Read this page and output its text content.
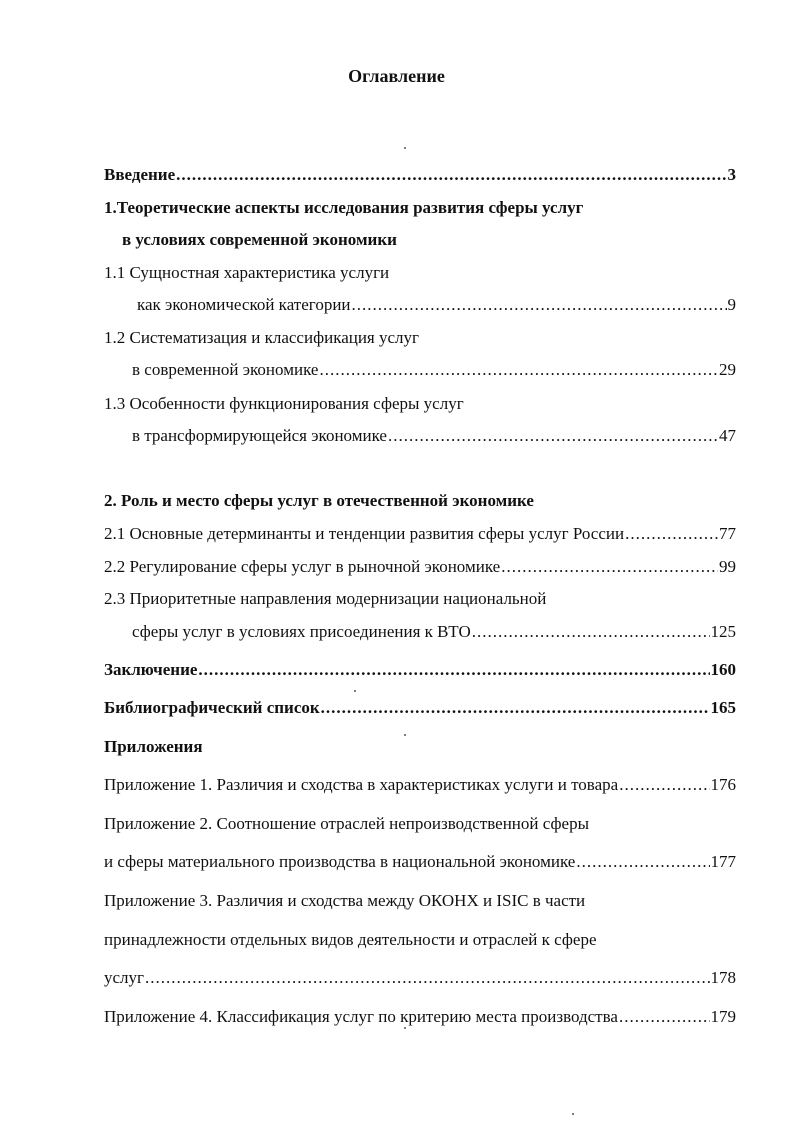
Оглавление
Введение .....	3
1.Теоретические аспекты исследования развития сферы услуг
в условиях современной экономики
1.1 Сущностная характеристика услуги
как экономической категории .....	9
1.2 Систематизация и классификация услуг
в современной экономике .....	29
1.3 Особенности функционирования сферы услуг
в трансформирующейся экономике .....	47
2. Роль и место сферы услуг в отечественной экономике
2.1 Основные детерминанты и тенденции развития сферы услуг России .....	77
2.2 Регулирование сферы услуг в рыночной экономике .....	99
2.3 Приоритетные направления модернизации национальной
сферы услуг в условиях присоединения к ВТО .....	125
Заключение .....	160
Библиографический список .....	165
Приложения
Приложение 1. Различия и сходства в характеристиках услуги и товара .....	176
Приложение 2. Соотношение отраслей непроизводственной сферы
и сферы материального производства в национальной экономике .....	177
Приложение 3. Различия и сходства между ОКОНХ и ISIC в части
принадлежности отдельных видов деятельности и отраслей к сфере
услуг .....	178
Приложение 4. Классификация услуг по критерию места производства .....	179
